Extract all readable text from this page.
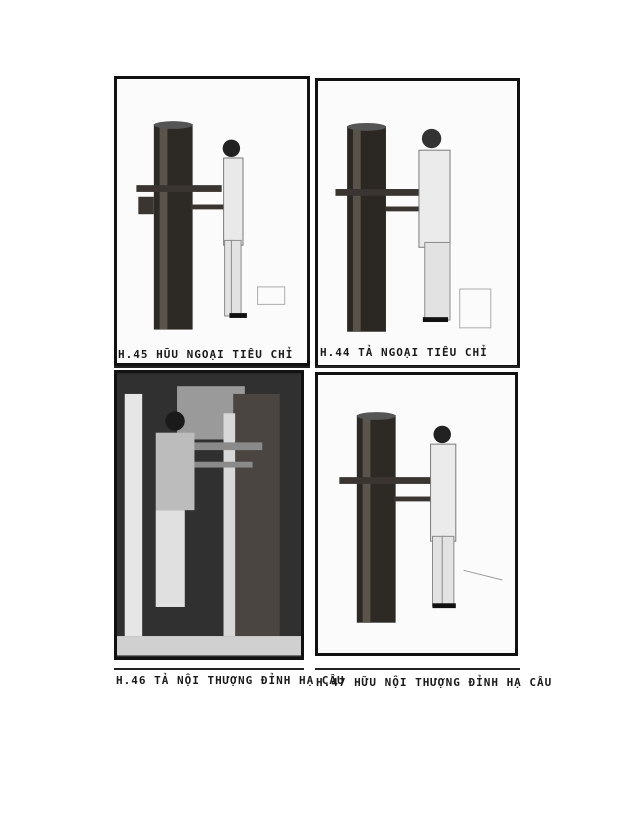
H.45 HŪU NGOẠI TIÊU CHỈ H.44 TẢ NGOẠI TIÊU CHỈ
H.46 TẢ NỘI THƯỢNG ĐỈNH HẠ CÂU
H.47 HỮU NỘI THƯỢNG ĐỈNH HẠ CÂU
